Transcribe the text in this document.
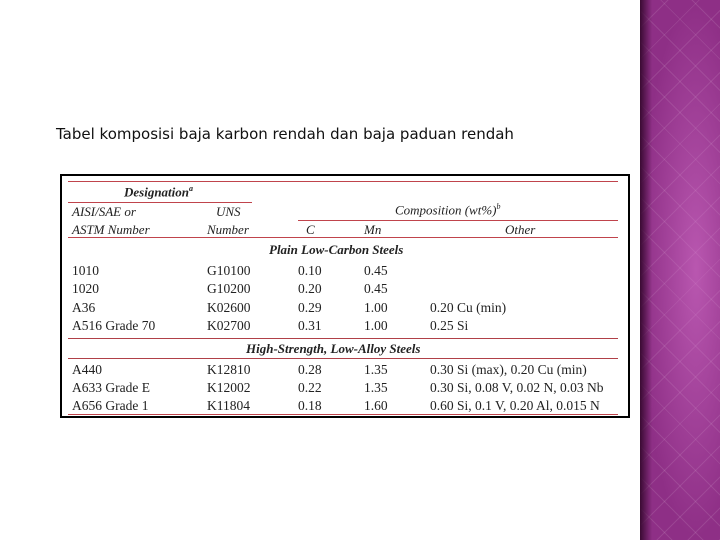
Tabel komposisi baja karbon rendah dan baja paduan rendah
Designation$^a$
AISI/SAE or	UNS	Composition $(wt\%)^b$
ASTM Number	Number	C	Mn	Other
Plain Low-Carbon Steels
1010	G10100	0.10	0.45
1020	G10200	0.20	0.45
A36	K02600	0.29	1.00	0.20 Cu (min)
A516 Grade 70	K02700	0.31	1.00	0.25 Si
High-Strength, Low-Alloy Steels
A440	K12810	0.28	1.35	0.30 Si (max), 0.20 Cu (min)
A633 Grade E	K12002	0.22	1.35	0.30 Si, 0.08 V, 0.02 N, 0.03 Nb
A656 Grade 1	K11804	0.18	1.60	0.60 Si, 0.1 V, 0.20 Al, 0.015 N
